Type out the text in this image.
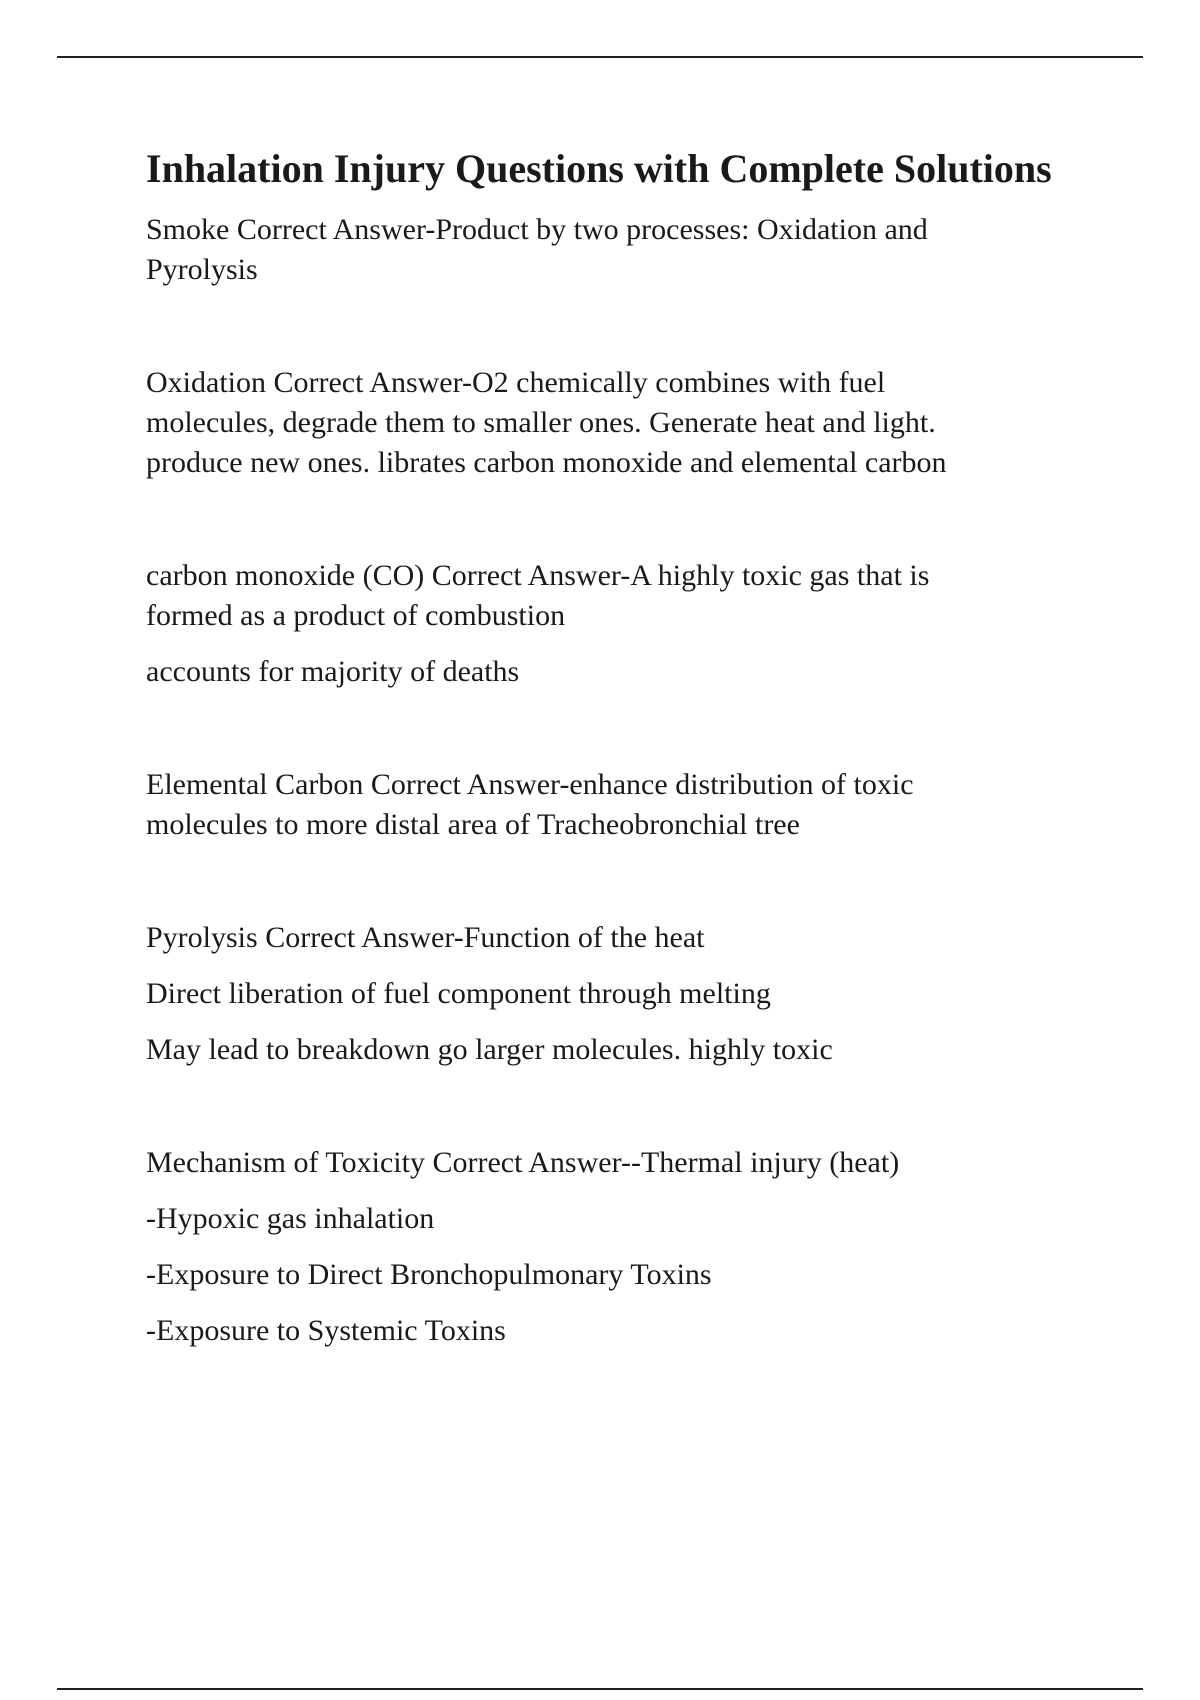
Inhalation Injury Questions with Complete Solutions

Smoke Correct Answer-Product by two processes: Oxidation and

Pyrolysis

Oxidation Correct Answer-O2 chemically combines with fuel

molecules, degrade them to smaller ones. Generate heat and light.

produce new ones. librates carbon monoxide and elemental carbon

carbon monoxide (CO) Correct Answer-A highly toxic gas that is

formed as a product of combustion

accounts for majority of deaths

Elemental Carbon Correct Answer-enhance distribution of toxic

molecules to more distal area of Tracheobronchial tree

Pyrolysis Correct Answer-Function of the heat

Direct liberation of fuel component through melting

May lead to breakdown go larger molecules. highly toxic

Mechanism of Toxicity Correct Answer--Thermal injury (heat)

-Hypoxic gas inhalation

-Exposure to Direct Bronchopulmonary Toxins

-Exposure to Systemic Toxins
